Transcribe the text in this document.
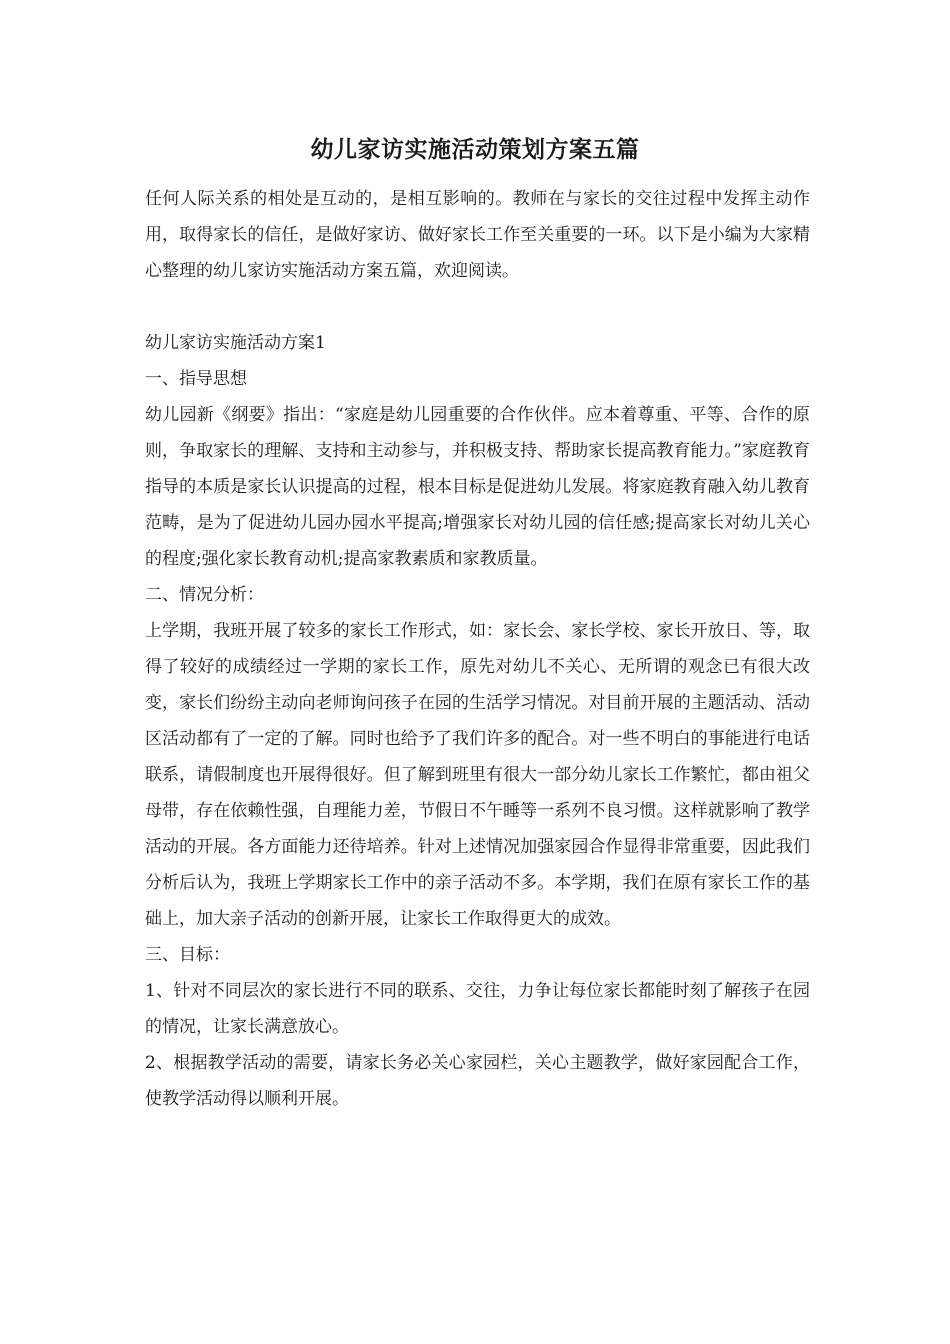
幼儿家访实施活动策划方案五篇

任何人际关系的相处是互动的，是相互影响的。教师在与家长的交往过程中发挥主动作用，取得家长的信任，是做好家访、做好家长工作至关重要的一环。以下是小编为大家精心整理的幼儿家访实施活动方案五篇，欢迎阅读。

幼儿家访实施活动方案1

一、指导思想

幼儿园新《纲要》指出：“家庭是幼儿园重要的合作伙伴。应本着尊重、平等、合作的原则，争取家长的理解、支持和主动参与，并积极支持、帮助家长提高教育能力。”家庭教育指导的本质是家长认识提高的过程，根本目标是促进幼儿发展。将家庭教育融入幼儿教育范畴，是为了促进幼儿园办园水平提高;增强家长对幼儿园的信任感;提高家长对幼儿关心的程度;强化家长教育动机;提高家教素质和家教质量。

二、情况分析：

上学期，我班开展了较多的家长工作形式，如：家长会、家长学校、家长开放日、等，取得了较好的成绩经过一学期的家长工作，原先对幼儿不关心、无所谓的观念已有很大改变，家长们纷纷主动向老师询问孩子在园的生活学习情况。对目前开展的主题活动、活动区活动都有了一定的了解。同时也给予了我们许多的配合。对一些不明白的事能进行电话联系，请假制度也开展得很好。但了解到班里有很大一部分幼儿家长工作繁忙，都由祖父母带，存在依赖性强，自理能力差，节假日不午睡等一系列不良习惯。这样就影响了教学活动的开展。各方面能力还待培养。针对上述情况加强家园合作显得非常重要，因此我们分析后认为，我班上学期家长工作中的亲子活动不多。本学期，我们在原有家长工作的基础上，加大亲子活动的创新开展，让家长工作取得更大的成效。

三、目标：

1、针对不同层次的家长进行不同的联系、交往，力争让每位家长都能时刻了解孩子在园的情况，让家长满意放心。

2、根据教学活动的需要，请家长务必关心家园栏，关心主题教学，做好家园配合工作，使教学活动得以顺利开展。
